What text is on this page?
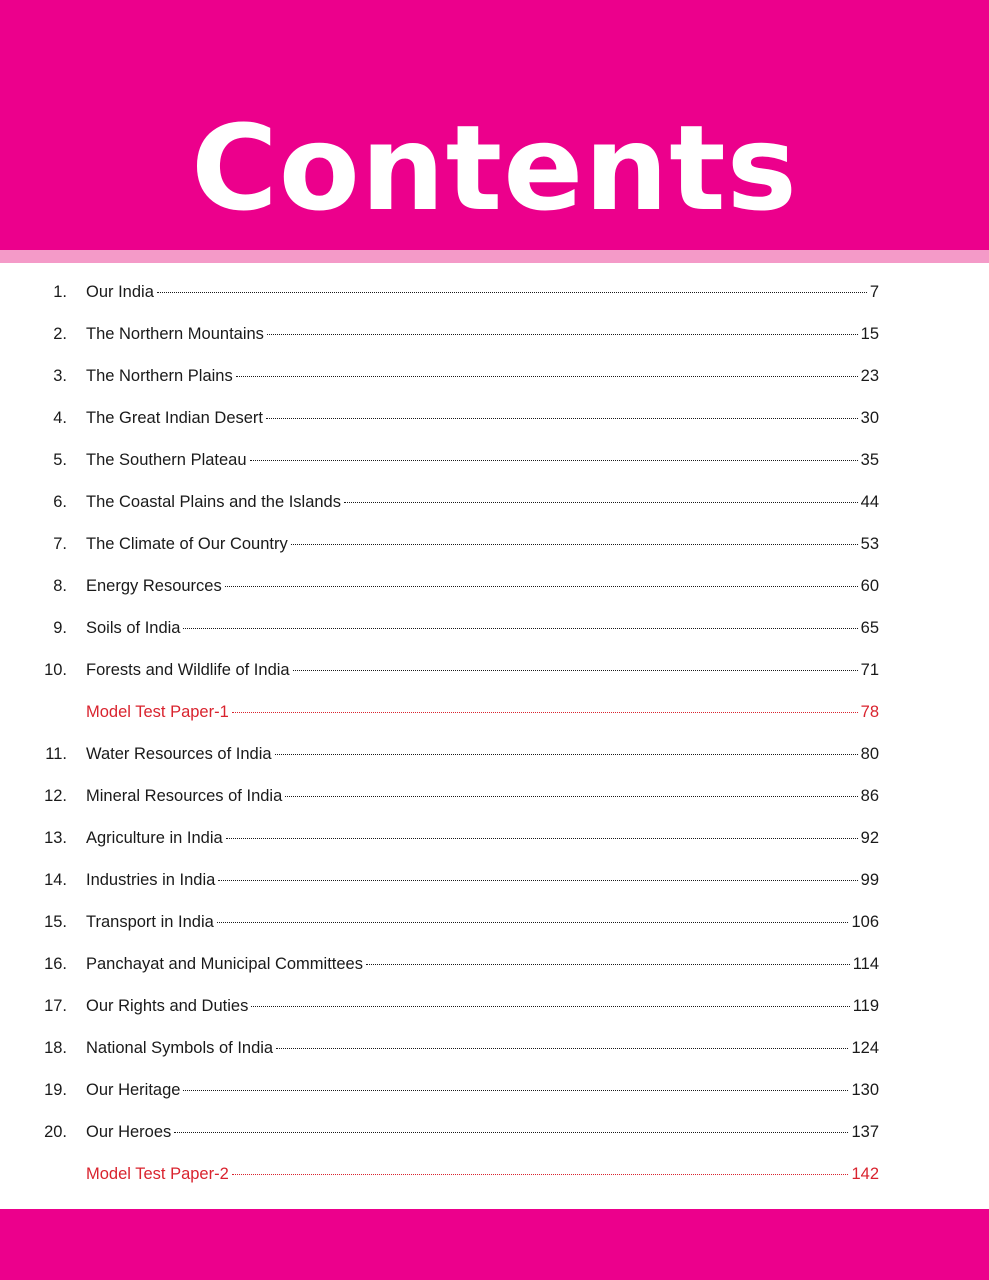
Contents
1.	Our India	7
2.	The Northern Mountains	15
3.	The Northern Plains	23
4.	The Great Indian Desert	30
5.	The Southern Plateau	35
6.	The Coastal Plains and the Islands	44
7.	The Climate of Our Country	53
8.	Energy Resources	60
9.	Soils of India	65
10.	Forests and Wildlife of India	71
Model Test Paper-1	78
11.	Water Resources of India	80
12.	Mineral Resources of India	86
13.	Agriculture in India	92
14.	Industries in India	99
15.	Transport in India	106
16.	Panchayat and Municipal Committees	114
17.	Our Rights and Duties	119
18.	National Symbols of India	124
19.	Our Heritage	130
20.	Our Heroes	137
Model Test Paper-2	142
